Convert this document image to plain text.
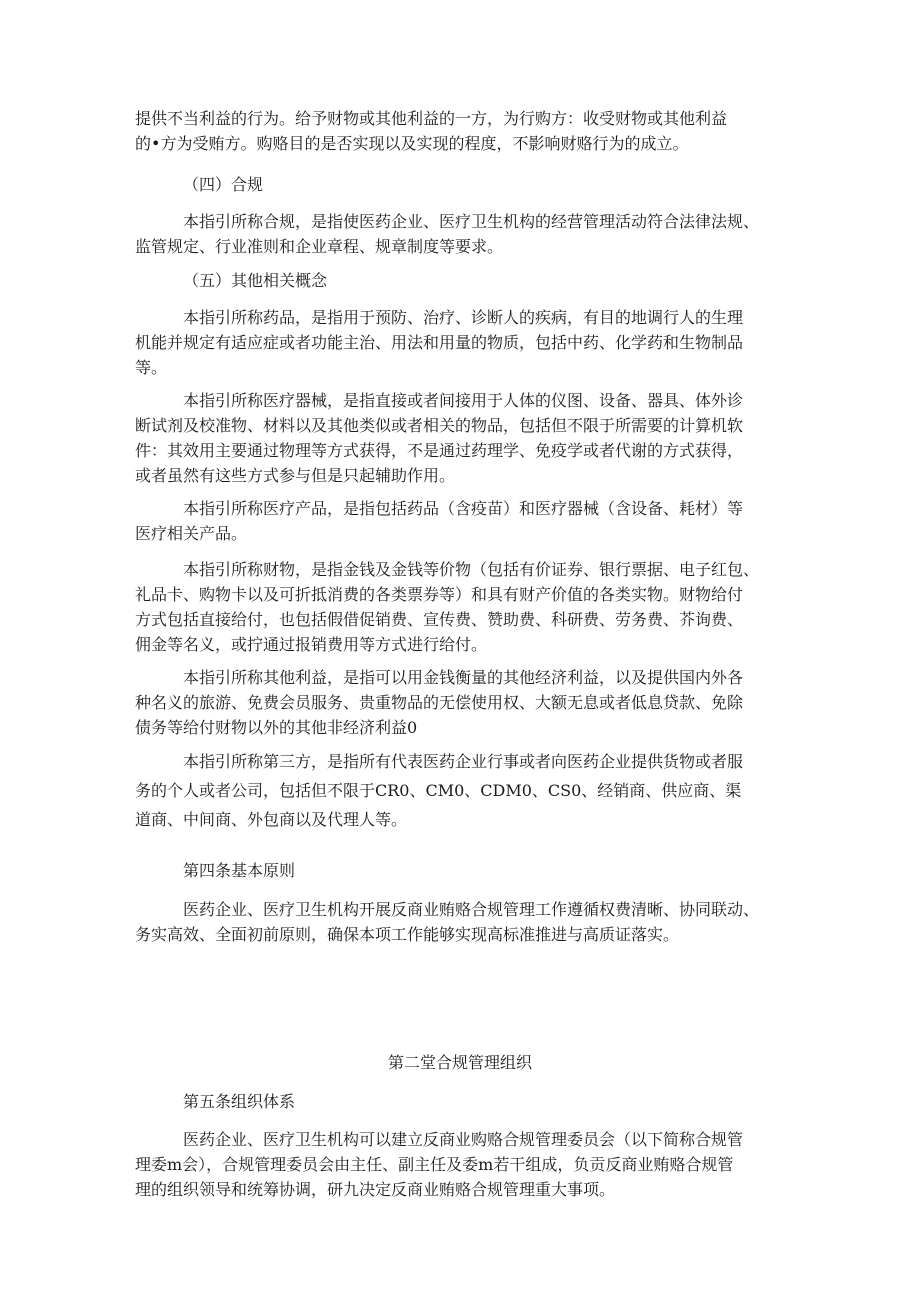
提供不当利益的行为。给予财物或其他利益的一方，为行购方：收受财物或其他利益
的•方为受贿方。购赂目的是否实现以及实现的程度，不影响财赂行为的成立。
（四）合规
本指引所称合规，是指使医药企业、医疗卫生机构的经营管理活动符合法律法规、
监管规定、行业准则和企业章程、规章制度等要求。
（五）其他相关概念
本指引所称药品，是指用于预防、治疗、诊断人的疾病，有目的地调行人的生理
机能并规定有适应症或者功能主治、用法和用量的物质，包括中药、化学药和生物制品
等。
本指引所称医疗器械，是指直接或者间接用于人体的仪图、设备、器具、体外诊
断试剂及校准物、材料以及其他类似或者相关的物品，包括但不限于所需要的计算机软
件：其效用主要通过物理等方式获得，不是通过药理学、免疫学或者代谢的方式获得，
或者虽然有这些方式参与但是只起辅助作用。
本指引所称医疗产品，是指包括药品（含疫苗）和医疗器械（含设备、耗材）等
医疗相关产品。
本指引所称财物，是指金钱及金钱等价物（包括有价证券、银行票据、电子红包、
礼品卡、购物卡以及可折抵消费的各类票券等）和具有财产价值的各类实物。财物给付
方式包括直接给付，也包括假借促销费、宣传费、赞助费、科研费、劳务费、芥询费、
佣金等名义，或拧通过报销费用等方式进行给付。
本指引所称其他利益，是指可以用金钱衡量的其他经济利益，以及提供国内外各
种名义的旅游、免费会员服务、贵重物品的无偿使用权、大额无息或者低息贷款、免除
债务等给付财物以外的其他非经济利益0
本指引所称第三方，是指所有代表医药企业行事或者向医药企业提供货物或者服
务的个人或者公司，包括但不限于CR0、CM0、CDM0、CS0、经销商、供应商、渠
道商、中间商、外包商以及代理人等。
第四条基本原则
医药企业、医疗卫生机构开展反商业贿赂合规管理工作遵循权费清晰、协同联动、
务实高效、全面初前原则，确保本项工作能够实现高标准推进与高质证落实。
第二堂合规管理组织
第五条组织体系
医药企业、医疗卫生机构可以建立反商业购赂合规管理委员会（以下简称合规管
理委m会），合规管理委员会由主任、副主任及委m若干组成，负贡反商业贿赂合规管
理的组织领导和统筹协调，研九决定反商业贿赂合规管理重大事项。
